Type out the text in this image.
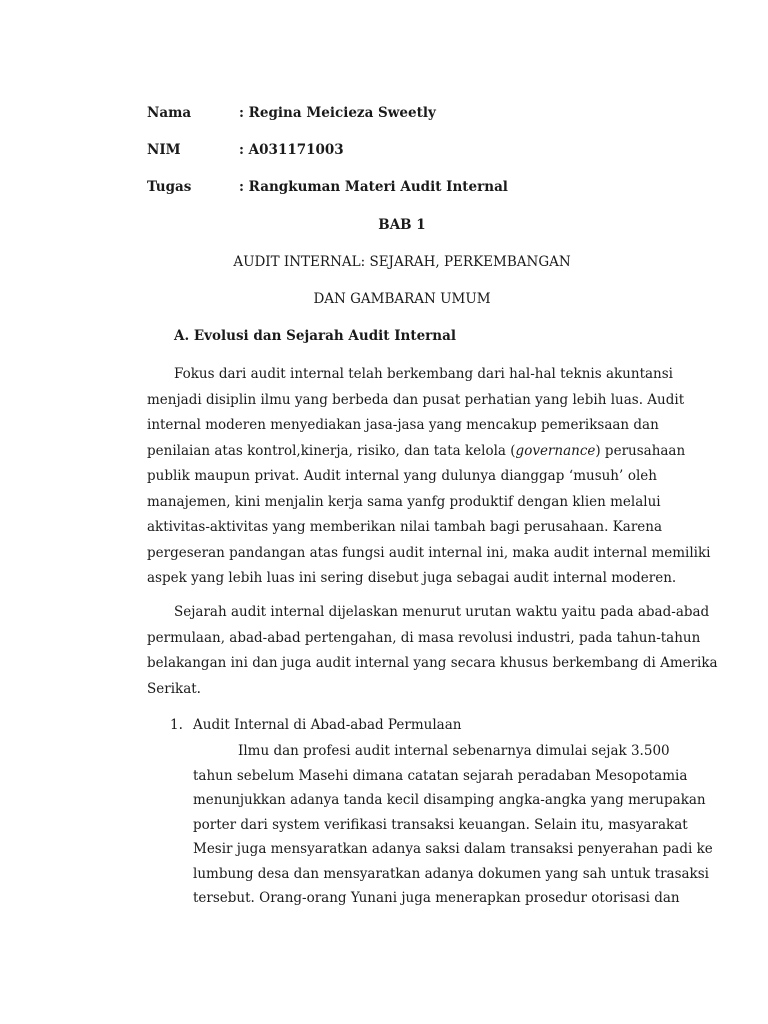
Nama	: Regina Meicieza Sweetly
NIM	: A031171003
Tugas	: Rangkuman Materi Audit Internal
BAB 1
AUDIT INTERNAL: SEJARAH, PERKEMBANGAN
DAN GAMBARAN UMUM
A. Evolusi dan Sejarah Audit Internal
Fokus dari audit internal telah berkembang dari hal-hal teknis akuntansi
menjadi disiplin ilmu yang berbeda dan pusat perhatian yang lebih luas. Audit
internal moderen menyediakan jasa-jasa yang mencakup pemeriksaan dan
penilaian atas kontrol,kinerja, risiko, dan tata kelola (governance) perusahaan
publik maupun privat. Audit internal yang dulunya dianggap ‘musuh’ oleh
manajemen, kini menjalin kerja sama yanfg produktif dengan klien melalui
aktivitas-aktivitas yang memberikan nilai tambah bagi perusahaan. Karena
pergeseran pandangan atas fungsi audit internal ini, maka audit internal memiliki
aspek yang lebih luas ini sering disebut juga sebagai audit internal moderen.
Sejarah audit internal dijelaskan menurut urutan waktu yaitu pada abad-abad
permulaan, abad-abad pertengahan, di masa revolusi industri, pada tahun-tahun
belakangan ini dan juga audit internal yang secara khusus berkembang di Amerika
Serikat.
1. Audit Internal di Abad-abad Permulaan
Ilmu dan profesi audit internal sebenarnya dimulai sejak 3.500
tahun sebelum Masehi dimana catatan sejarah peradaban Mesopotamia
menunjukkan adanya tanda kecil disamping angka-angka yang merupakan
porter dari system verifikasi transaksi keuangan. Selain itu, masyarakat
Mesir juga mensyaratkan adanya saksi dalam transaksi penyerahan padi ke
lumbung desa dan mensyaratkan adanya dokumen yang sah untuk trasaksi
tersebut. Orang-orang Yunani juga menerapkan prosedur otorisasi dan
